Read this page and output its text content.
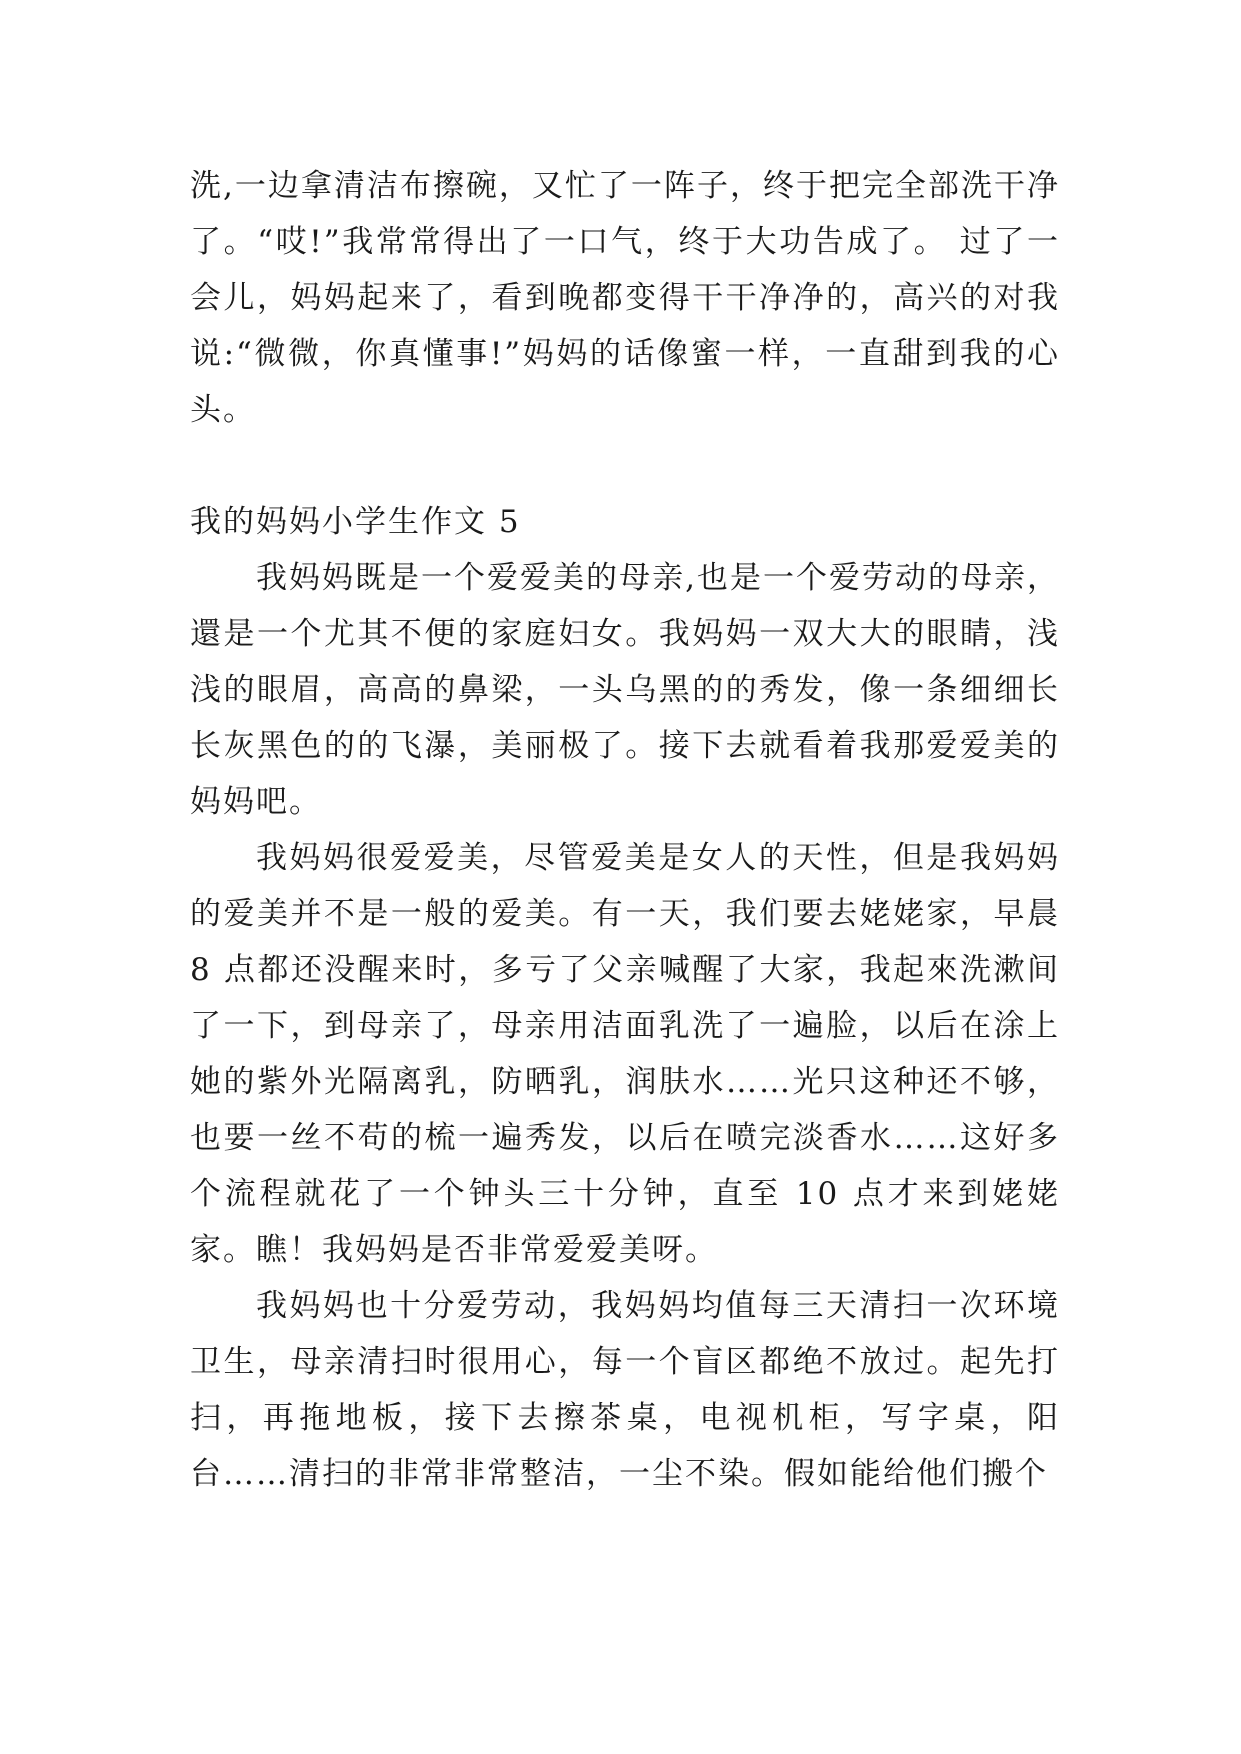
洗,一边拿清洁布擦碗，又忙了一阵子，终于把完全部洗干净了。“哎!”我常常得出了一口气，终于大功告成了。 过了一会儿，妈妈起来了，看到晚都变得干干净净的，高兴的对我说:“微微，你真懂事!”妈妈的话像蜜一样，一直甜到我的心头。

我的妈妈小学生作文 5

我妈妈既是一个爱爱美的母亲,也是一个爱劳动的母亲，還是一个尤其不便的家庭妇女。我妈妈一双大大的眼睛，浅浅的眼眉，高高的鼻梁，一头乌黑的的秀发，像一条细细长长灰黑色的的飞瀑，美丽极了。接下去就看着我那爱爱美的妈妈吧。

我妈妈很爱爱美，尽管爱美是女人的天性，但是我妈妈的爱美并不是一般的爱美。有一天，我们要去姥姥家，早晨 8 点都还没醒来时，多亏了父亲喊醒了大家，我起來洗漱间了一下，到母亲了，母亲用洁面乳洗了一遍脸，以后在涂上她的紫外光隔离乳，防晒乳，润肤水……光只这种还不够，也要一丝不苟的梳一遍秀发，以后在喷完淡香水……这好多个流程就花了一个钟头三十分钟，直至 10 点才来到姥姥家。瞧！我妈妈是否非常爱爱美呀。

我妈妈也十分爱劳动，我妈妈均值每三天清扫一次环境卫生，母亲清扫时很用心，每一个盲区都绝不放过。起先打扫，再拖地板，接下去擦茶桌，电视机柜，写字桌，阳台……清扫的非常非常整洁，一尘不染。假如能给他们搬个
